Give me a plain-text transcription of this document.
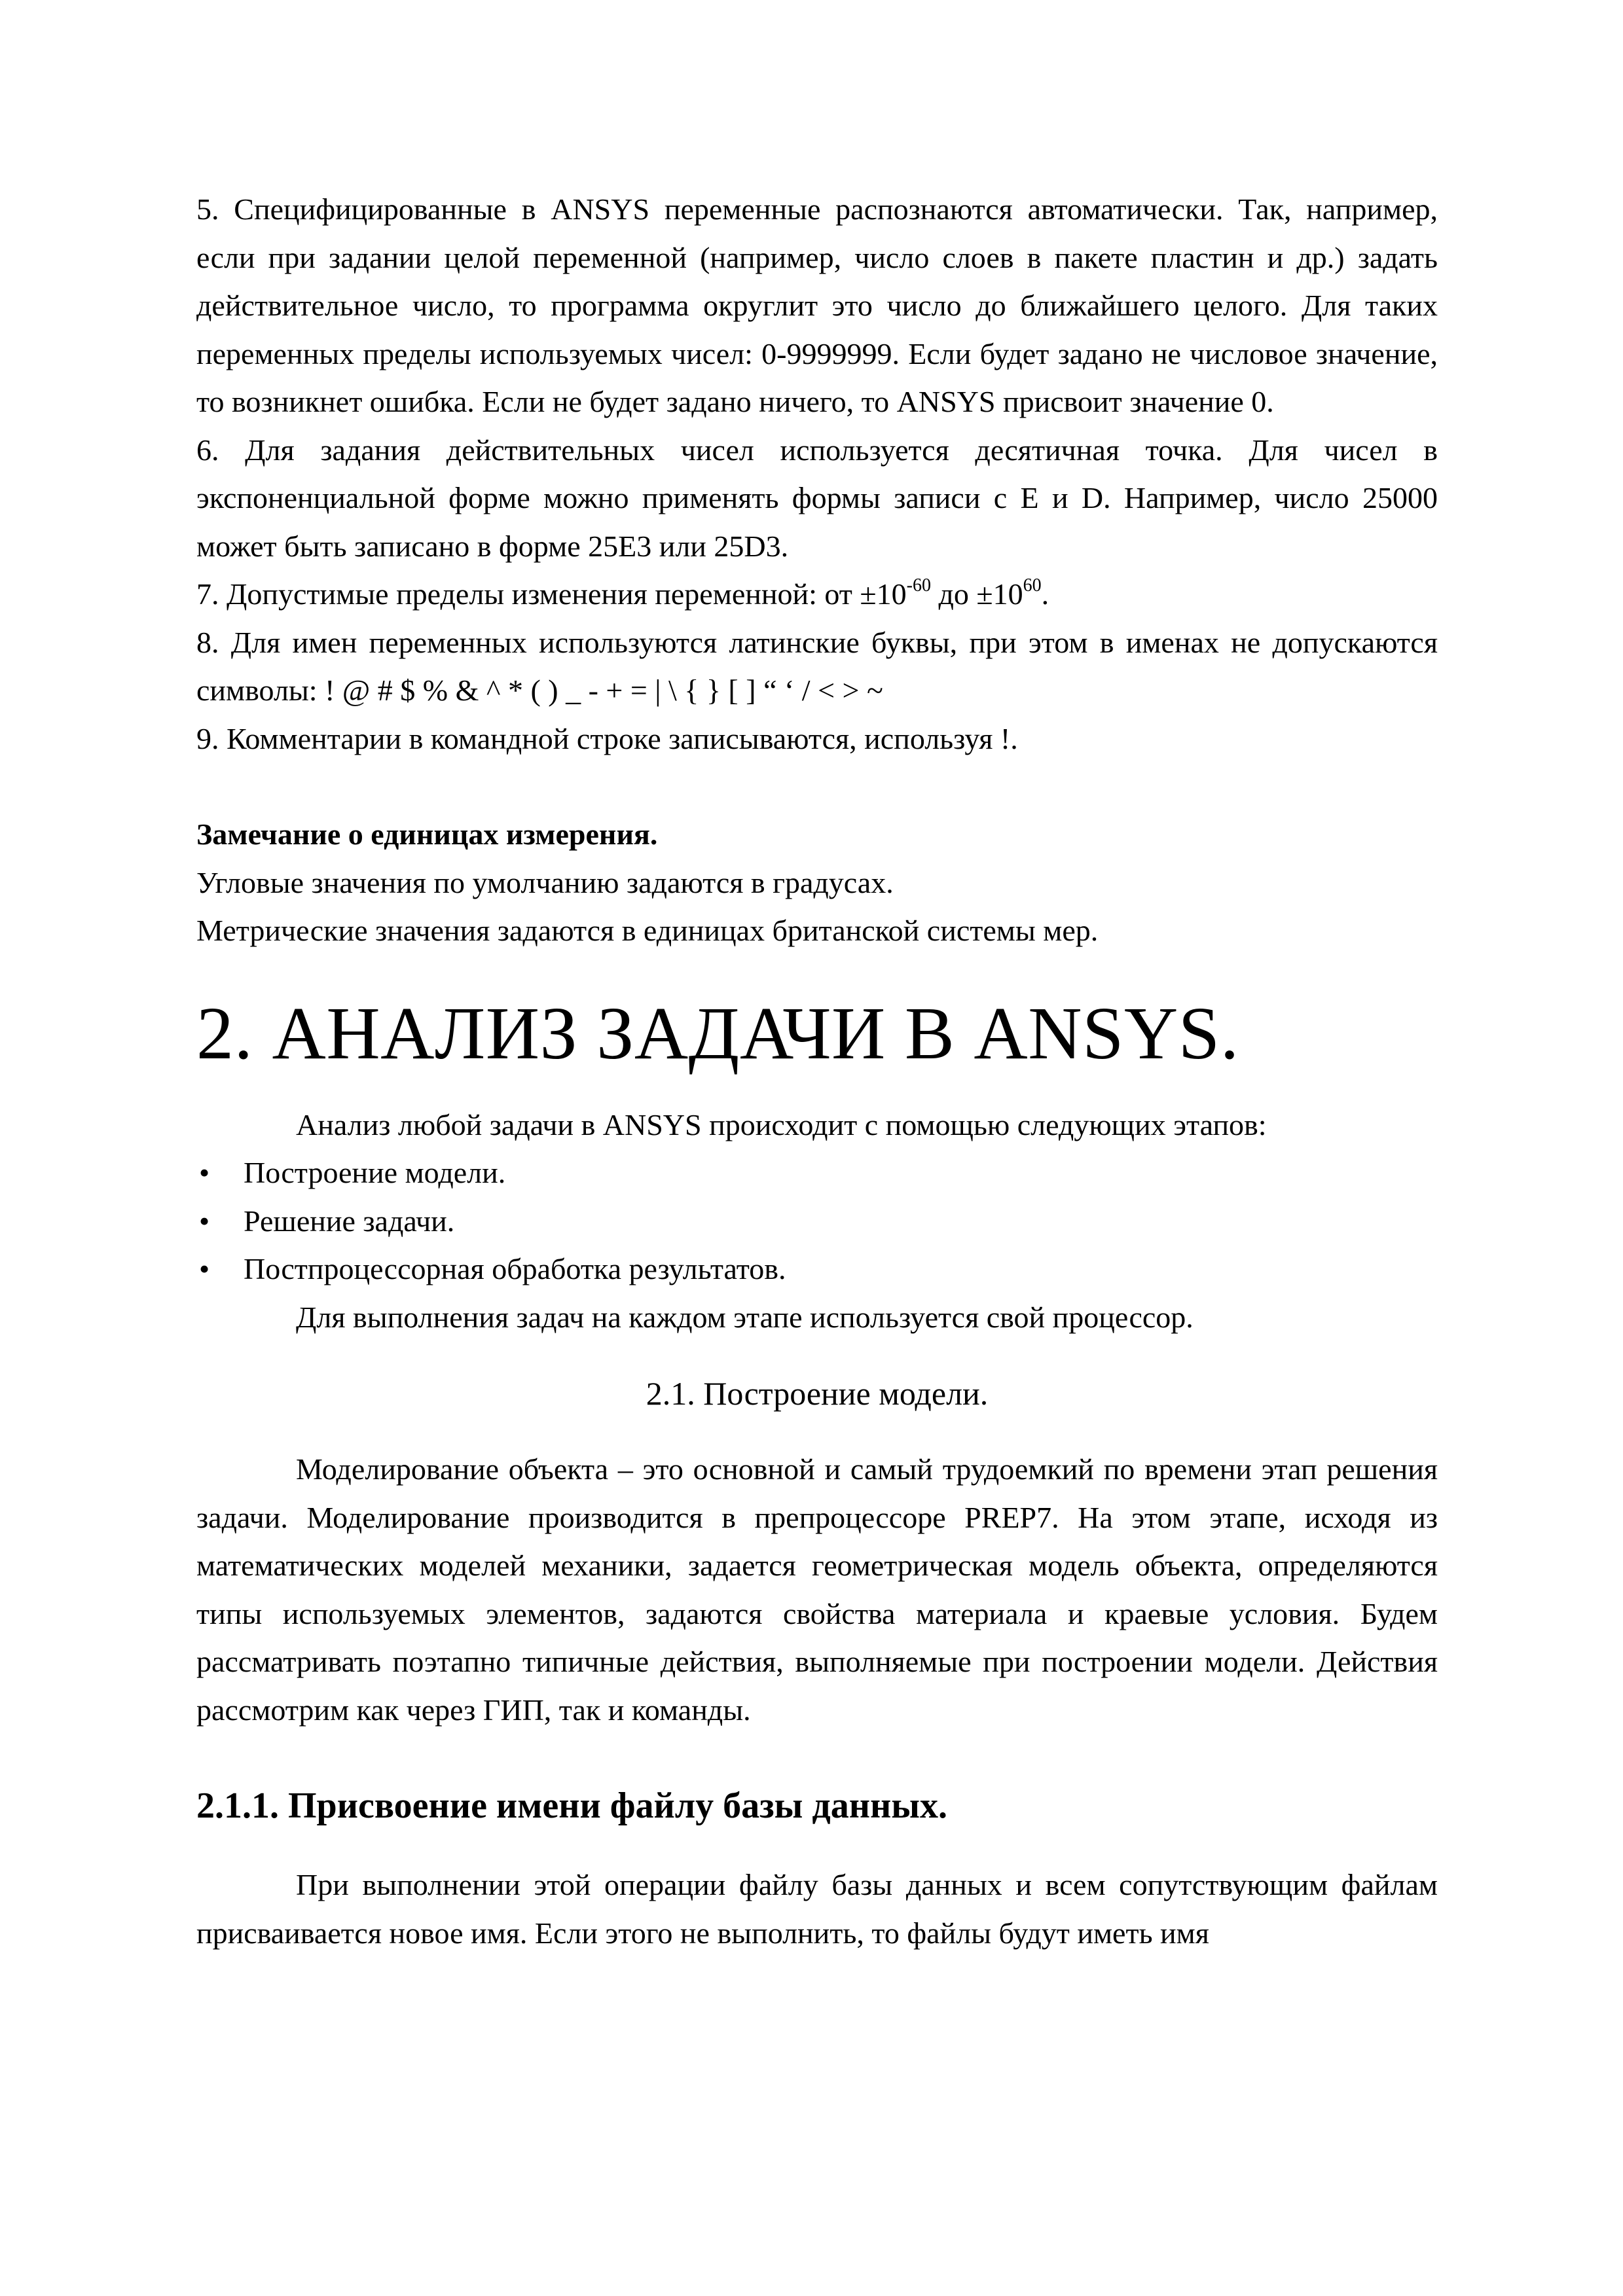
5. Специфицированные в ANSYS переменные распознаются автоматически. Так, например, если при задании целой переменной (например, число слоев в пакете пластин и др.) задать действительное число, то программа округлит это число до ближайшего целого. Для таких переменных пределы используемых чисел: 0-9999999. Если будет задано не числовое значение, то возникнет ошибка. Если не будет задано ничего, то ANSYS присвоит значение 0.

6. Для задания действительных чисел используется десятичная точка. Для чисел в экспоненциальной форме можно применять формы записи с E и D. Например, число 25000 может быть записано в форме 25E3 или 25D3.

7. Допустимые пределы изменения переменной: от $\pm 10^{-60}$ до $\pm 10^{60}$.

8. Для имен переменных используются латинские буквы, при этом в именах не допускаются символы: ! @ # $ % & ^ * ( ) _ - + = | \ { } [ ] “ ‘ / < > ~

9. Комментарии в командной строке записываются, используя !.

Замечание о единицах измерения.

Угловые значения по умолчанию задаются в градусах.

Метрические значения задаются в единицах британской системы мер.

2. АНАЛИЗ ЗАДАЧИ В ANSYS.

Анализ любой задачи в ANSYS происходит с помощью следующих этапов:

• Построение модели.
• Решение задачи.
• Постпроцессорная обработка результатов.

Для выполнения задач на каждом этапе используется свой процессор.

2.1. Построение модели.

Моделирование объекта – это основной и самый трудоемкий по времени этап решения задачи. Моделирование производится в препроцессоре PREP7. На этом этапе, исходя из математических моделей механики, задается геометрическая модель объекта, определяются типы используемых элементов, задаются свойства материала и краевые условия. Будем рассматривать поэтапно типичные действия, выполняемые при построении модели. Действия рассмотрим как через ГИП, так и команды.

2.1.1. Присвоение имени файлу базы данных.

При выполнении этой операции файлу базы данных и всем сопутствующим файлам присваивается новое имя. Если этого не выполнить, то файлы будут иметь имя
